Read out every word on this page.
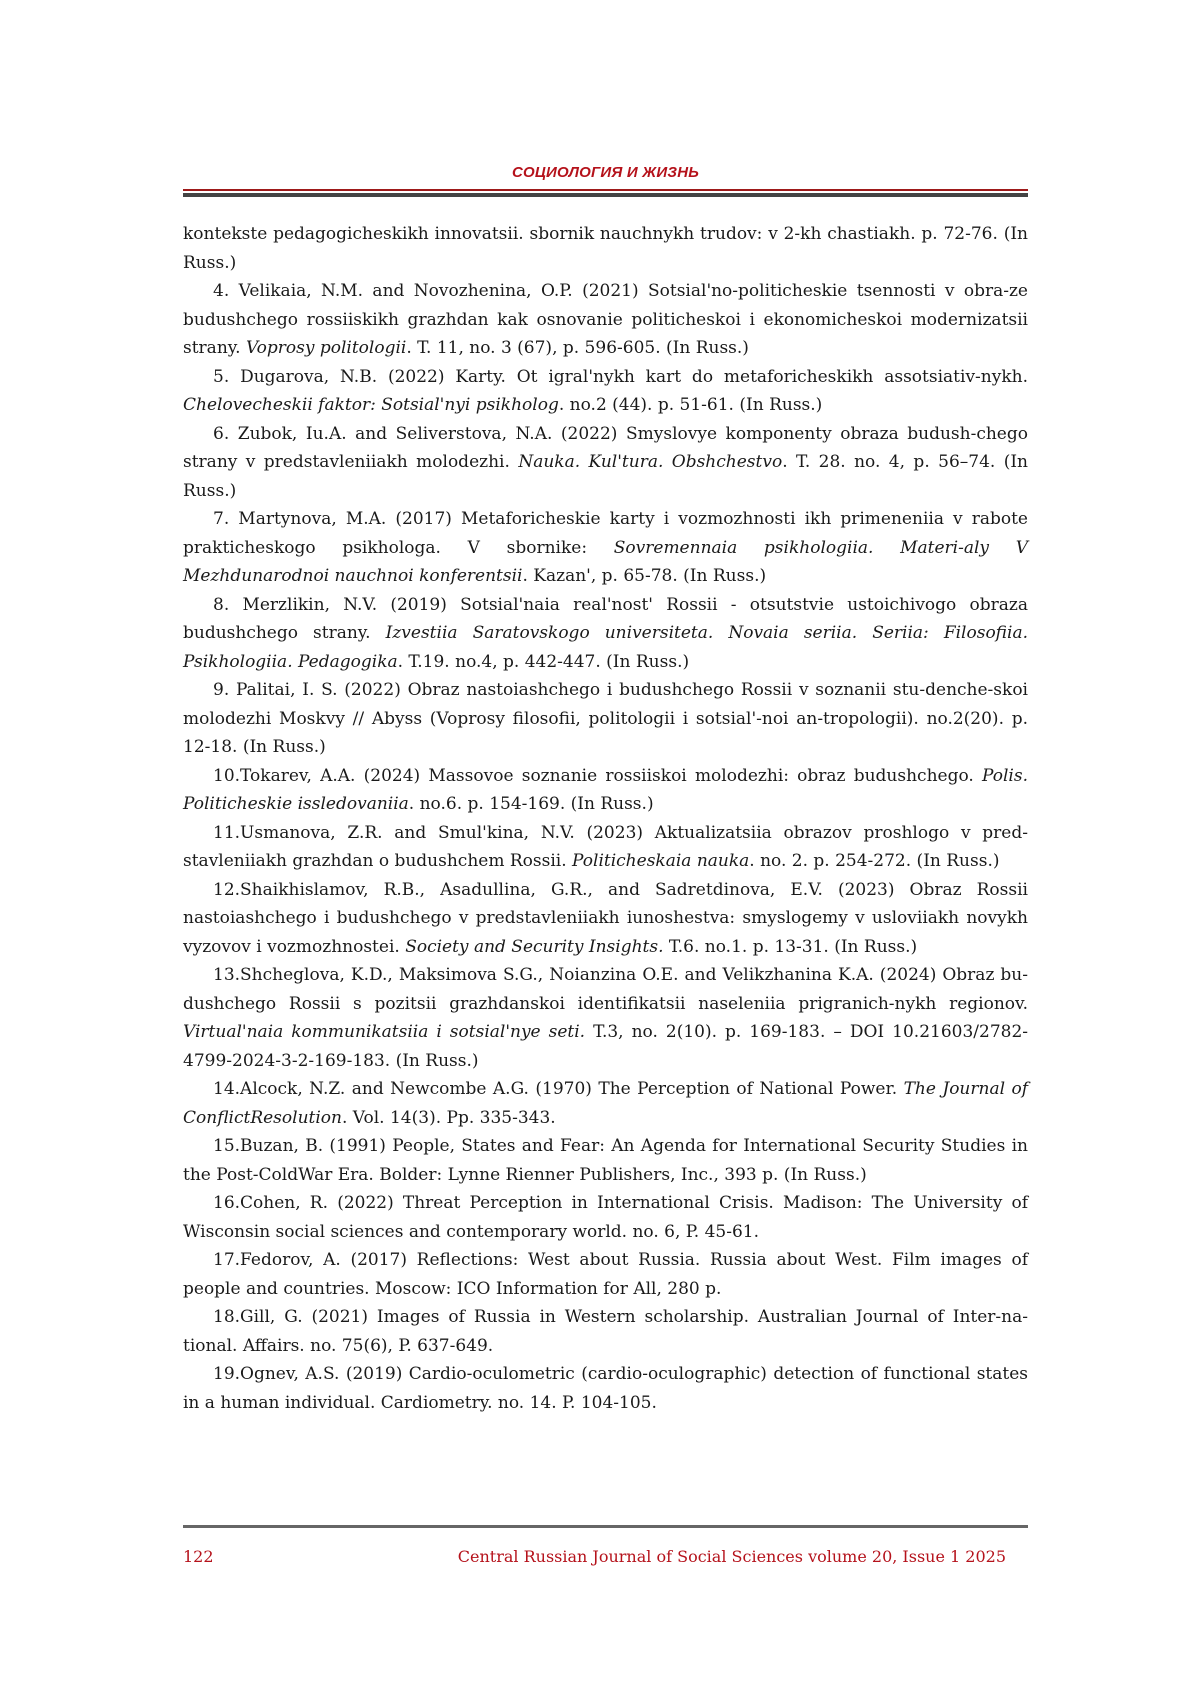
СОЦИОЛОГИЯ И ЖИЗНЬ

kontekste pedagogicheskikh innovatsii. sbornik nauchnykh trudov: v 2-kh chastiakh. p. 72-76. (In Russ.)

4. Velikaia, N.M. and Novozhenina, O.P. (2021) Sotsial'no-politicheskie tsennosti v obra-ze budushchego rossiiskikh grazhdan kak osnovanie politicheskoi i ekonomicheskoi modernizatsii strany. Voprosy politologii. T. 11, no. 3 (67), p. 596-605. (In Russ.)

5. Dugarova, N.B. (2022) Karty. Ot igral'nykh kart do metaforicheskikh assotsiativ-nykh. Chelovecheskii faktor: Sotsial'nyi psikholog. no.2 (44). p. 51-61. (In Russ.)

6. Zubok, Iu.A. and Seliverstova, N.A. (2022) Smyslovye komponenty obraza budush-chego strany v predstavleniiakh molodezhi. Nauka. Kul'tura. Obshchestvo. T. 28. no. 4, p. 56–74. (In Russ.)

7. Martynova, M.A. (2017) Metaforicheskie karty i vozmozhnosti ikh primeneniia v rabote prakticheskogo psikhologa. V sbornike: Sovremennaia psikhologiia. Materi-aly V Mezhdunarodnoi nauchnoi konferentsii. Kazan', p. 65-78. (In Russ.)

8. Merzlikin, N.V. (2019) Sotsial'naia real'nost' Rossii - otsutstvie ustoichivogo obraza budushchego strany. Izvestiia Saratovskogo universiteta. Novaia seriia. Seriia: Filosofiia. Psikhologiia. Pedagogika. T.19. no.4, p. 442-447. (In Russ.)

9. Palitai, I. S. (2022) Obraz nastoiashchego i budushchego Rossii v soznanii stu-denche-skoi molodezhi Moskvy // Abyss (Voprosy filosofii, politologii i sotsial'-noi an-tropologii). no.2(20). p. 12-18. (In Russ.)

10.Tokarev, A.A. (2024) Massovoe soznanie rossiiskoi molodezhi: obraz budushchego. Polis. Politicheskie issledovaniia. no.6. p. 154-169. (In Russ.)

11.Usmanova, Z.R. and Smul'kina, N.V. (2023) Aktualizatsiia obrazov proshlogo v pred-stavleniiakh grazhdan o budushchem Rossii. Politicheskaia nauka. no. 2. p. 254-272. (In Russ.)

12.Shaikhislamov, R.B., Asadullina, G.R., and Sadretdinova, E.V. (2023) Obraz Rossii nastoiashchego i budushchego v predstavleniiakh iunoshestva: smyslogemy v usloviiakh novykh vyzovov i vozmozhnostei. Society and Security Insights. T.6. no.1. p. 13-31. (In Russ.)

13.Shcheglova, K.D., Maksimova S.G., Noianzina O.E. and Velikzhanina K.A. (2024) Obraz bu-dushchego Rossii s pozitsii grazhdanskoi identifikatsii naseleniia prigranich-nykh regionov. Virtual'naia kommunikatsiia i sotsial'nye seti. T.3, no. 2(10). p. 169-183. – DOI 10.21603/2782-4799-2024-3-2-169-183. (In Russ.)

14.Alcock, N.Z. and Newcombe A.G. (1970) The Perception of National Power. The Journal of ConflictResolution. Vol. 14(3). Pp. 335-343.

15.Buzan, B. (1991) People, States and Fear: An Agenda for International Security Studies in the Post-ColdWar Era. Bolder: Lynne Rienner Publishers, Inc., 393 p. (In Russ.)

16.Cohen, R. (2022) Threat Perception in International Crisis. Madison: The University of Wisconsin social sciences and contemporary world. no. 6, P. 45-61.

17.Fedorov, A. (2017) Reflections: West about Russia. Russia about West. Film images of people and countries. Moscow: ICO Information for All, 280 p.

18.Gill, G. (2021) Images of Russia in Western scholarship. Australian Journal of Inter-na-tional. Affairs. no. 75(6), P. 637-649.

19.Ognev, A.S. (2019) Cardio-oculometric (cardio-oculographic) detection of functional states in a human individual. Cardiometry. no. 14. P. 104-105.

122	Central Russian Journal of Social Sciences volume 20, Issue 1 2025
